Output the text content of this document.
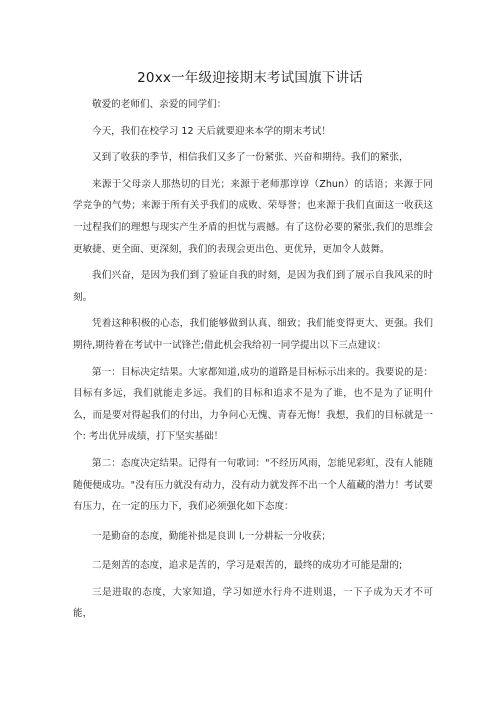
20xx一年级迎接期末考试国旗下讲话

敬爱的老师们、亲爱的同学们：

今天，我们在校学习 12 天后就要迎来本学的期末考试！

又到了收获的季节，相信我们又多了一份紧张、兴奋和期待。我们的紧张，

来源于父母亲人那热切的目光；来源于老师那谆谆（Zhun）的话语；来源于同学竞争的气势；来源于所有关乎我们的成败、荣辱誉；也来源于我们直面这一收获这一过程我们的理想与现实产生矛盾的担忧与震撼。有了这份必要的紧张,我们的思维会更敏捷、更全面、更深刻，我们的表现会更出色、更优异，更加令人鼓舞。

我们兴奋，是因为我们到了验证自我的时刻，是因为我们到了展示自我风采的时刻。

凭着这种积极的心态，我们能够做到认真、细致；我们能变得更大、更强。我们期待,期待着在考试中一试锋芒;借此机会我给初一同学提出以下三点建议：

第一：目标决定结果。大家都知道,成功的道路是目标标示出来的。我要说的是：目标有多远，我们就能走多远。我们的目标和追求不是为了谁，也不是为了证明什么，而是要对得起我们的付出，力争问心无愧、青春无悔！我想，我们的目标就是一个: 考出优异成绩，打下坚实基础！

第二：态度决定结果。记得有一句歌词："不经历风雨，怎能见彩虹，没有人能随随便便成功。"没有压力就没有动力，没有动力就发挥不出一个人蕴藏的潜力！考试要有压力，在一定的压力下，我们必须强化如下态度：

一是勤奋的态度，勤能补拙是良训 l,一分耕耘一分收获；

二是刻苦的态度，追求是苦的，学习是艰苦的，最终的成功才可能是甜的;

三是进取的态度，大家知道，学习如逆水行舟不进则退，一下子成为天才不可能，
